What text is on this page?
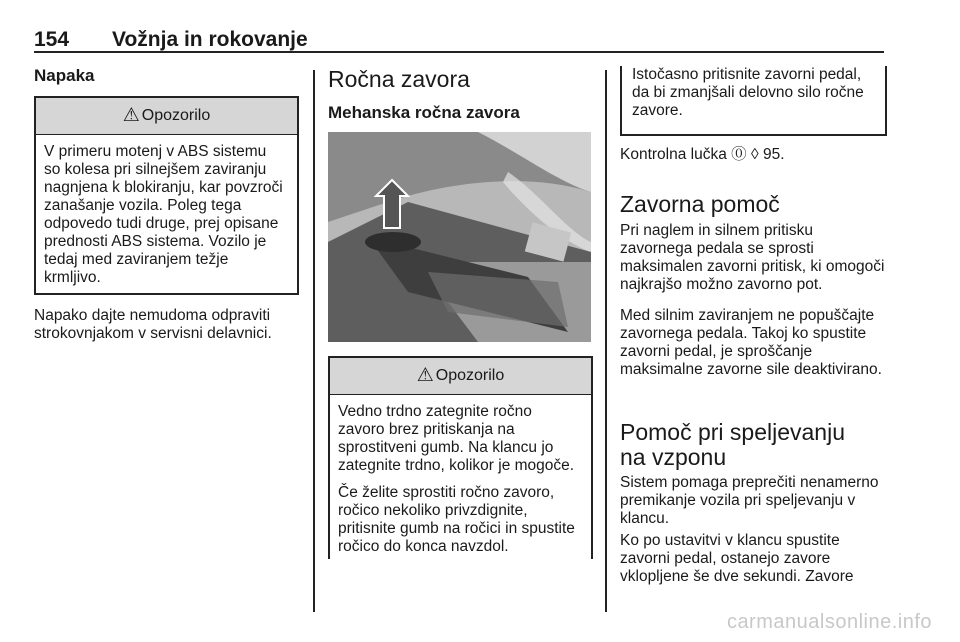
154 Vožnja in rokovanje
Napaka
⚠ Opozorilo

V primeru motenj v ABS sistemu so kolesa pri silnejšem zaviranju nagnjena k blokiranju, kar povzroči zanašanje vozila. Poleg tega odpovedo tudi druge, prej opisane prednosti ABS sistema. Vozilo je tedaj med zaviranjem težje krmljivo.

Napako dajte nemudoma odpraviti strokovnjakom v servisni delavnici.
Ročna zavora
Mehanska ročna zavora
⚠ Opozorilo

Vedno trdno zategnite ročno zavoro brez pritiskanja na sprostitveni gumb. Na klancu jo zategnite trdno, kolikor je mogoče.

Če želite sprostiti ročno zavoro, ročico nekoliko privzdignite, pritisnite gumb na ročici in spustite ročico do konca navzdol.

Istočasno pritisnite zavorni pedal, da bi zmanjšali delovno silo ročne zavore.
Kontrolna lučka ⓪ ◊ 95.
Zavorna pomoč
Pri naglem in silnem pritisku zavornega pedala se sprosti maksimalen zavorni pritisk, ki omogoči najkrajšo možno zavorno pot.
Med silnim zaviranjem ne popuščajte zavornega pedala. Takoj ko spustite zavorni pedal, je sproščanje maksimalne zavorne sile deaktivirano.
Pomoč pri speljevanju na vzponu
Sistem pomaga preprečiti nenamerno premikanje vozila pri speljevanju v klancu.
Ko po ustavitvi v klancu spustite zavorni pedal, ostanejo zavore vklopljene še dve sekundi. Zavore
carmanualsonline.info
